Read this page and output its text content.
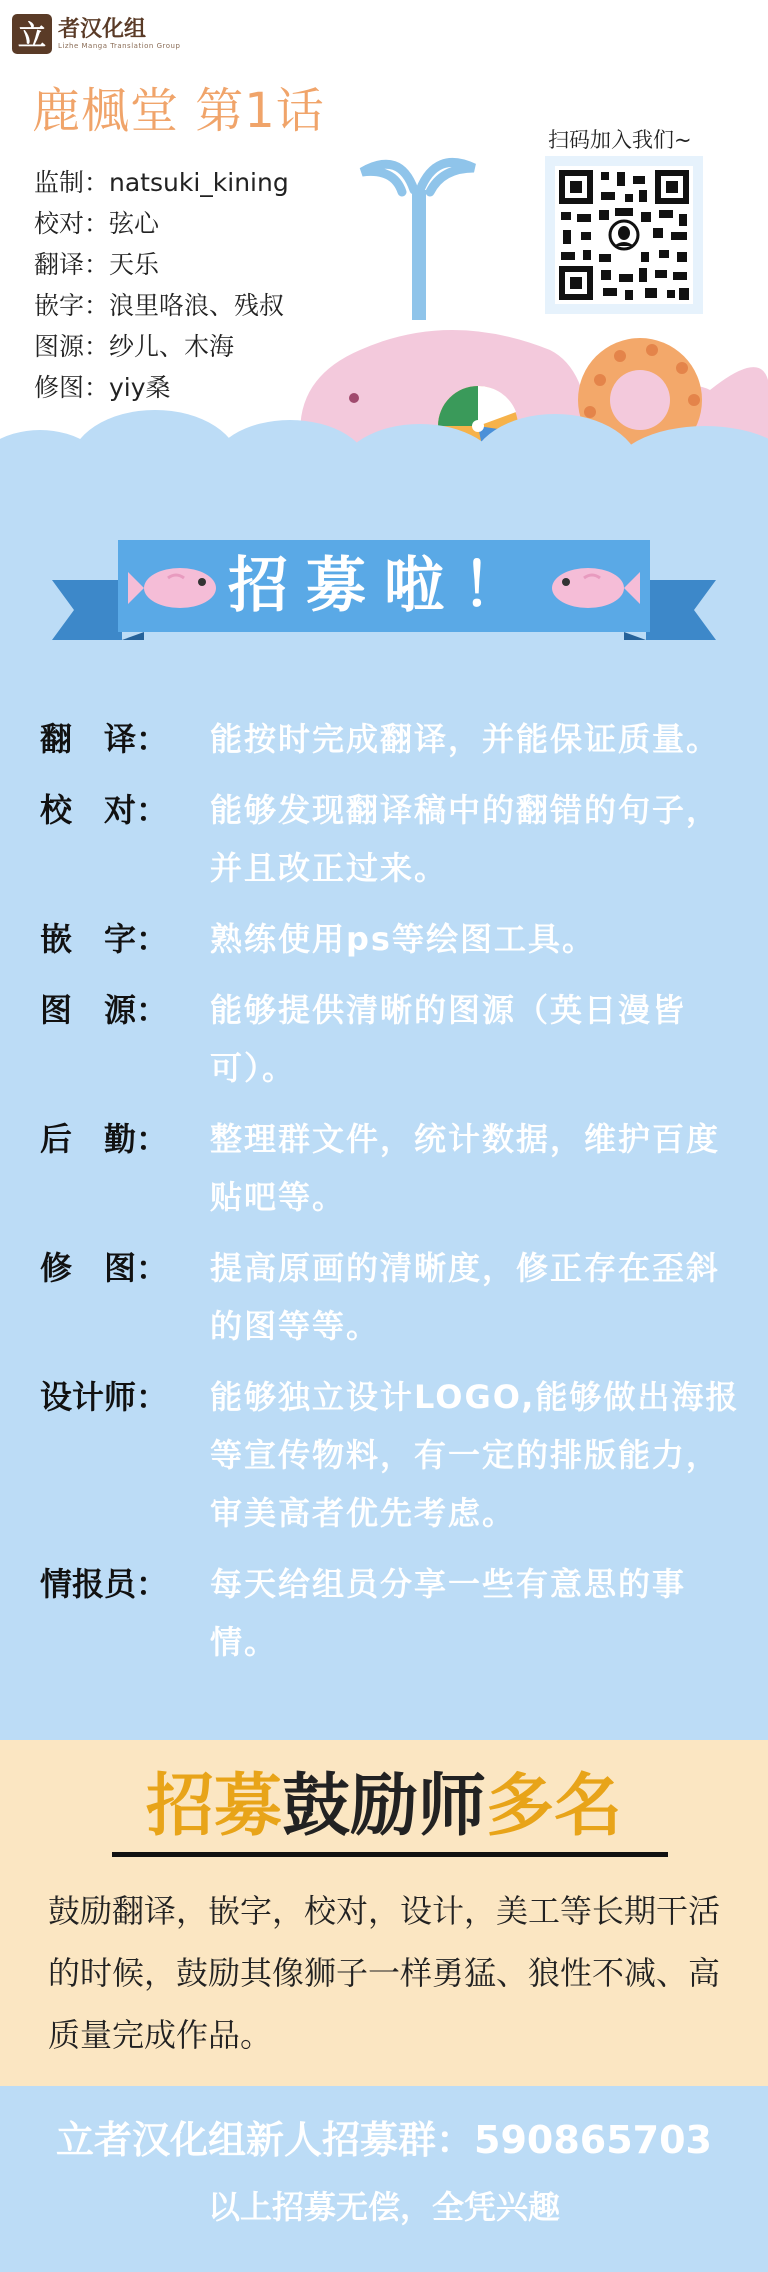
立 者汉化组
Lizhe Manga Translation Group
鹿楓堂 第1话
监制：natsuki_kining
校对：弦心
翻译：天乐
嵌字：浪里咯浪、残叔
图源：纱儿、木海
修图：yiy桑
扫码加入我们~
招募啦！
翻　译： 能按时完成翻译，并能保证质量。
校　对： 能够发现翻译稿中的翻错的句子，并且改正过来。
嵌　字： 熟练使用ps等绘图工具。
图　源： 能够提供清晰的图源（英日漫皆可）。
后　勤： 整理群文件，统计数据，维护百度贴吧等。
修　图： 提高原画的清晰度，修正存在歪斜的图等等。
设计师： 能够独立设计LOGO,能够做出海报等宣传物料，有一定的排版能力，审美高者优先考虑。
情报员： 每天给组员分享一些有意思的事情。
招募鼓励师多名
鼓励翻译，嵌字，校对，设计，美工等长期干活的时候，鼓励其像狮子一样勇猛、狼性不减、高质量完成作品。
立者汉化组新人招募群：590865703
以上招募无偿，全凭兴趣
